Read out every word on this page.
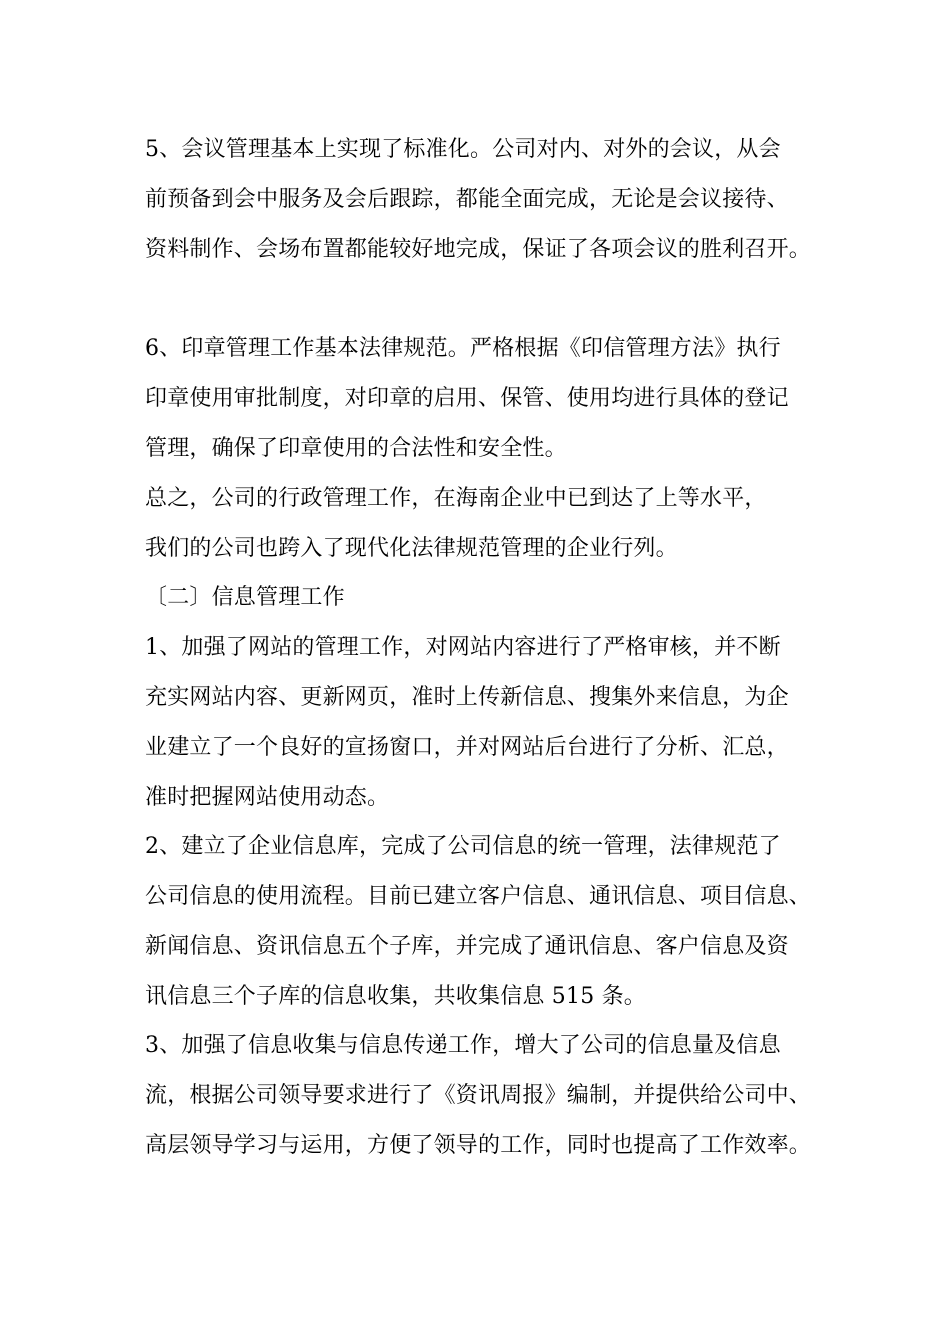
5、会议管理基本上实现了标准化。公司对内、对外的会议，从会

前预备到会中服务及会后跟踪，都能全面完成，无论是会议接待、

资料制作、会场布置都能较好地完成，保证了各项会议的胜利召开。

6、印章管理工作基本法律规范。严格根据《印信管理方法》执行

印章使用审批制度，对印章的启用、保管、使用均进行具体的登记

管理，确保了印章使用的合法性和安全性。

总之，公司的行政管理工作，在海南企业中已到达了上等水平，

我们的公司也跨入了现代化法律规范管理的企业行列。

〔二〕信息管理工作

1、加强了网站的管理工作，对网站内容进行了严格审核，并不断

充实网站内容、更新网页，准时上传新信息、搜集外来信息，为企

业建立了一个良好的宣扬窗口，并对网站后台进行了分析、汇总，

准时把握网站使用动态。

2、建立了企业信息库，完成了公司信息的统一管理，法律规范了

公司信息的使用流程。目前已建立客户信息、通讯信息、项目信息、

新闻信息、资讯信息五个子库，并完成了通讯信息、客户信息及资

讯信息三个子库的信息收集，共收集信息 515 条。

3、加强了信息收集与信息传递工作，增大了公司的信息量及信息

流，根据公司领导要求进行了《资讯周报》编制，并提供给公司中、

高层领导学习与运用，方便了领导的工作，同时也提高了工作效率。
